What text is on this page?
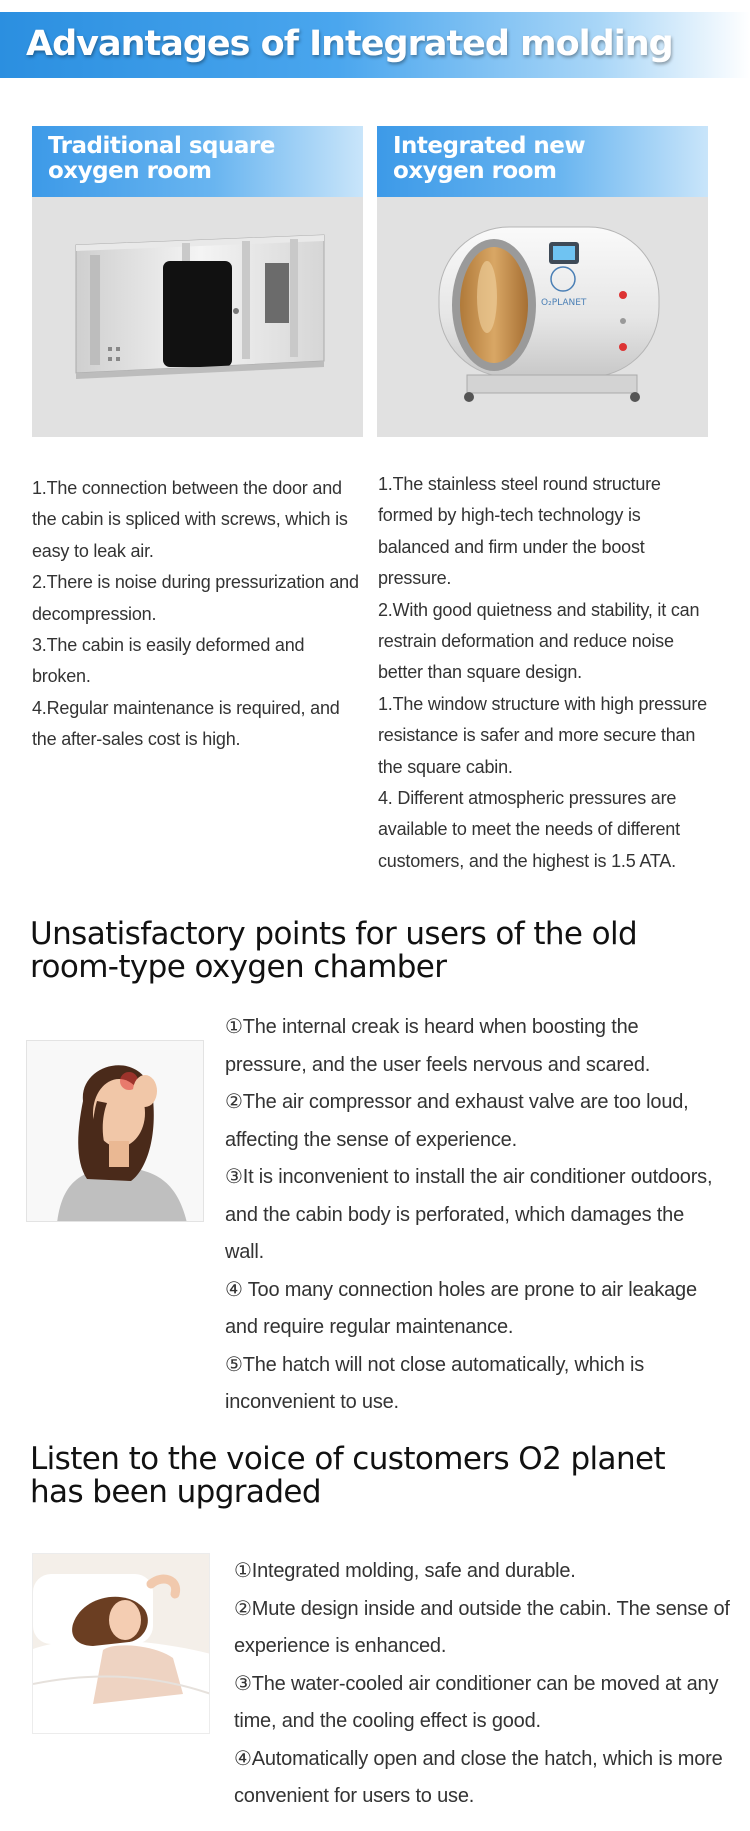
Advantages of Integrated molding
Traditional square
oxygen room
Integrated new
oxygen room
O₂PLANET

1.The connection between the door and the cabin is spliced with screws, which is easy to leak air.

2.There is noise during pressurization and decompression.

3.The cabin is easily deformed and broken.

4.Regular maintenance is required, and the after-sales cost is high.

1.The stainless steel round structure formed by high-tech technology is balanced and firm under the boost pressure.

2.With good quietness and stability, it can restrain deformation and reduce noise better than square design.

1.The window structure with high pressure resistance is safer and more secure than the square cabin.

4. Different atmospheric pressures are available to meet the needs of different customers, and the highest is 1.5 ATA.

Unsatisfactory points for users of the old
room-type oxygen chamber

①The internal creak is heard when boosting the pressure, and the user feels nervous and scared.

②The air compressor and exhaust valve are too loud, affecting the sense of experience.

③It is inconvenient to install the air conditioner outdoors, and the cabin body is perforated, which damages the wall.

④ Too many connection holes are prone to air leakage and require regular maintenance.

⑤The hatch will not close automatically, which is inconvenient to use.

Listen to the voice of customers O2 planet
has been upgraded

①Integrated molding, safe and durable.

②Mute design inside and outside the cabin. The sense of experience is enhanced.

③The water-cooled air conditioner can be moved at any time, and the cooling effect is good.

④Automatically open and close the hatch, which is more convenient for users to use.
